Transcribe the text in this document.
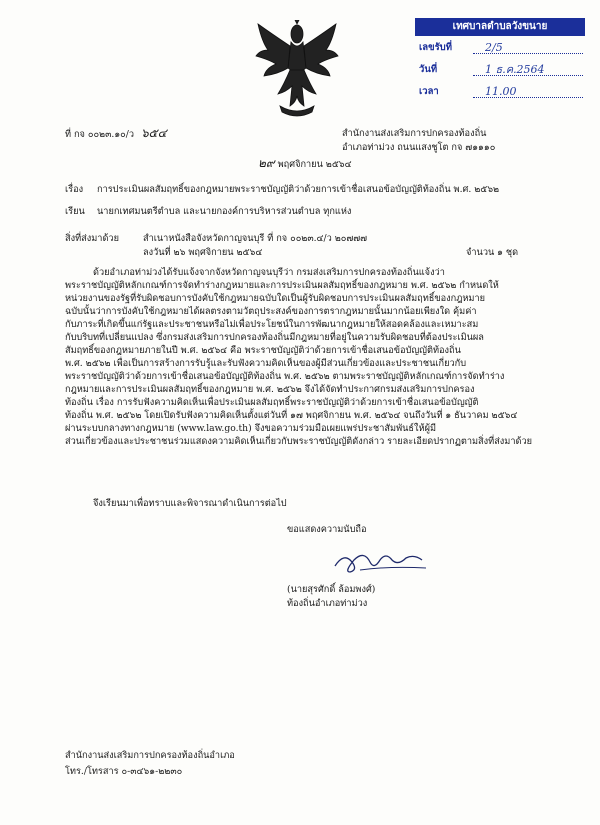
เทศบาลตำบลวังขนาย
เลขรับที่	2/5
วันที่	1 ธ.ค.2564
เวลา	11.00
ที่ กจ ๐๐๒๓.๑๐/ว ๖๕๔	สำนักงานส่งเสริมการปกครองท้องถิ่น
อำเภอท่าม่วง ถนนแสงชูโต กจ ๗๑๑๑๐
๒๙ พฤศจิกายน ๒๕๖๔
เรื่อง การประเมินผลสัมฤทธิ์ของกฎหมายพระราชบัญญัติว่าด้วยการเข้าชื่อเสนอข้อบัญญัติท้องถิ่น พ.ศ. ๒๕๖๒
เรียน นายกเทศมนตรีตำบล และนายกองค์การบริหารส่วนตำบล ทุกแห่ง
สิ่งที่ส่งมาด้วย	สำเนาหนังสือจังหวัดกาญจนบุรี ที่ กจ ๐๐๒๓.๔/ว ๒๐๗๗๗
ลงวันที่ ๒๖ พฤศจิกายน ๒๕๖๔	จำนวน ๑ ชุด
ด้วยอำเภอท่าม่วงได้รับแจ้งจากจังหวัดกาญจนบุรีว่า กรมส่งเสริมการปกครองท้องถิ่นแจ้งว่า
พระราชบัญญัติหลักเกณฑ์การจัดทำร่างกฎหมายและการประเมินผลสัมฤทธิ์ของกฎหมาย พ.ศ. ๒๕๖๒ กำหนดให้
หน่วยงานของรัฐที่รับผิดชอบการบังคับใช้กฎหมายฉบับใดเป็นผู้รับผิดชอบการประเมินผลสัมฤทธิ์ของกฎหมาย
ฉบับนั้นว่าการบังคับใช้กฎหมายได้ผลตรงตามวัตถุประสงค์ของการตรากฎหมายนั้นมากน้อยเพียงใด คุ้มค่า
กับภาระที่เกิดขึ้นแก่รัฐและประชาชนหรือไม่เพื่อประโยชน์ในการพัฒนากฎหมายให้สอดคล้องและเหมาะสม
กับบริบทที่เปลี่ยนแปลง ซึ่งกรมส่งเสริมการปกครองท้องถิ่นมีกฎหมายที่อยู่ในความรับผิดชอบที่ต้องประเมินผล
สัมฤทธิ์ของกฎหมายภายในปี พ.ศ. ๒๕๖๔ คือ พระราชบัญญัติว่าด้วยการเข้าชื่อเสนอข้อบัญญัติท้องถิ่น
พ.ศ. ๒๕๖๒ เพื่อเป็นการสร้างการรับรู้และรับฟังความคิดเห็นของผู้มีส่วนเกี่ยวข้องและประชาชนเกี่ยวกับ
พระราชบัญญัติว่าด้วยการเข้าชื่อเสนอข้อบัญญัติท้องถิ่น พ.ศ. ๒๕๖๒ ตามพระราชบัญญัติหลักเกณฑ์การจัดทำร่าง
กฎหมายและการประเมินผลสัมฤทธิ์ของกฎหมาย พ.ศ. ๒๕๖๒ จึงได้จัดทำประกาศกรมส่งเสริมการปกครอง
ท้องถิ่น เรื่อง การรับฟังความคิดเห็นเพื่อประเมินผลสัมฤทธิ์พระราชบัญญัติว่าด้วยการเข้าชื่อเสนอข้อบัญญัติ
ท้องถิ่น พ.ศ. ๒๕๖๒ โดยเปิดรับฟังความคิดเห็นตั้งแต่วันที่ ๑๗ พฤศจิกายน พ.ศ. ๒๕๖๔ จนถึงวันที่ ๑ ธันวาคม ๒๕๖๔
ผ่านระบบกลางทางกฎหมาย (www.law.go.th) จึงขอความร่วมมือเผยแพร่ประชาสัมพันธ์ให้ผู้มี
ส่วนเกี่ยวข้องและประชาชนร่วมแสดงความคิดเห็นเกี่ยวกับพระราชบัญญัติดังกล่าว รายละเอียดปรากฏตามสิ่งที่ส่งมาด้วย
จึงเรียนมาเพื่อทราบและพิจารณาดำเนินการต่อไป
ขอแสดงความนับถือ
(นายสุรศักดิ์ ล้อมพงศ์)
ท้องถิ่นอำเภอท่าม่วง
สำนักงานส่งเสริมการปกครองท้องถิ่นอำเภอ
โทร./โทรสาร ๐-๓๔๖๑-๒๒๓๐
